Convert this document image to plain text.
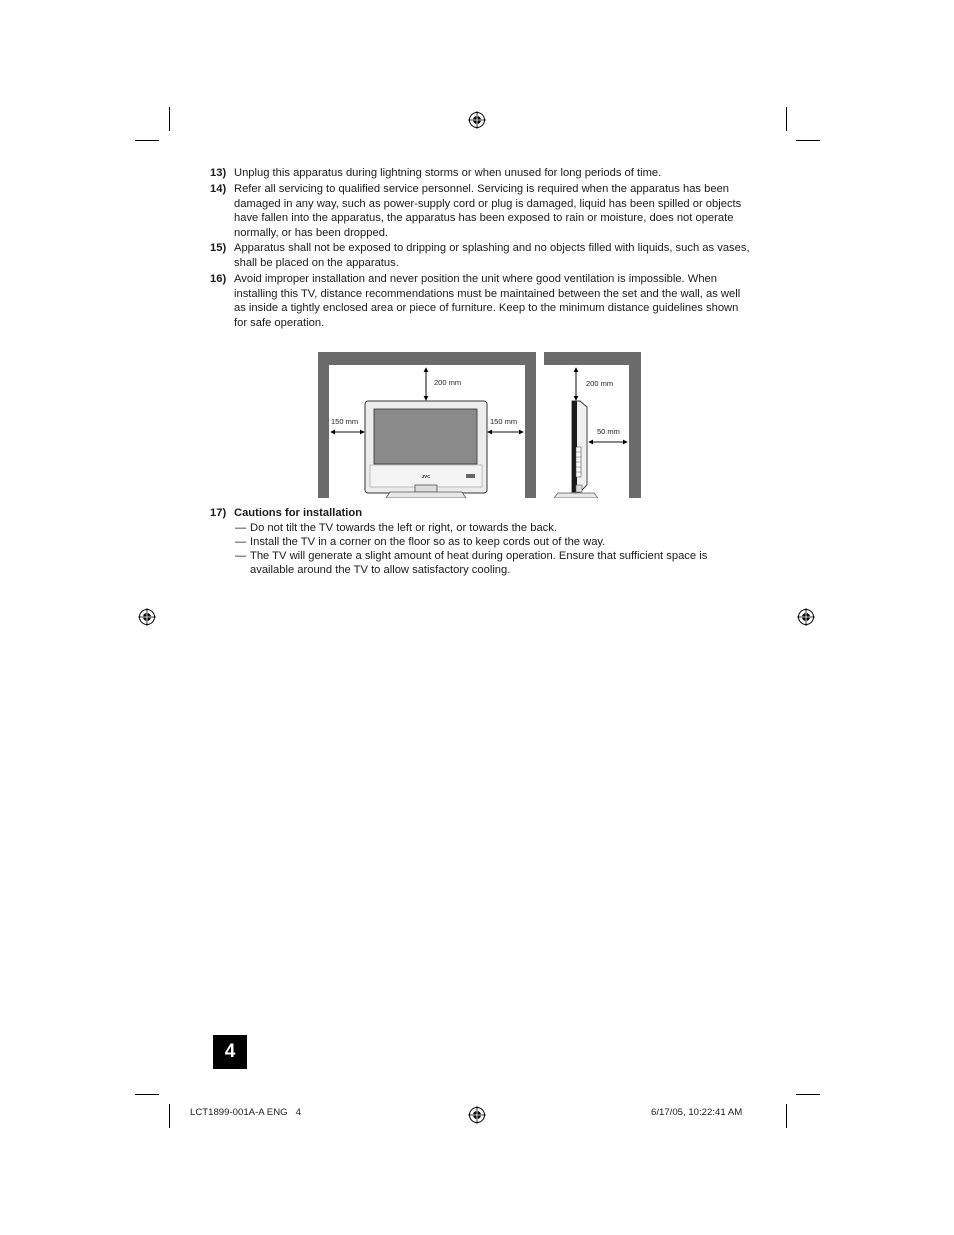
13) Unplug this apparatus during lightning storms or when unused for long periods of time.
14) Refer all servicing to qualified service personnel. Servicing is required when the apparatus has been damaged in any way, such as power-supply cord or plug is damaged, liquid has been spilled or objects have fallen into the apparatus, the apparatus has been exposed to rain or moisture, does not operate normally, or has been dropped.
15) Apparatus shall not be exposed to dripping or splashing and no objects filled with liquids, such as vases, shall be placed on the apparatus.
16) Avoid improper installation and never position the unit where good ventilation is impossible. When installing this TV, distance recommendations must be maintained between the set and the wall, as well as inside a tightly enclosed area or piece of furniture. Keep to the minimum distance guidelines shown for safe operation.
JVC
200 mm
150 mm	150 mm
200 mm
50 mm
17) Cautions for installation
— Do not tilt the TV towards the left or right, or towards the back.
— Install the TV in a corner on the floor so as to keep cords out of the way.
— The TV will generate a slight amount of heat during operation. Ensure that sufficient space is available around the TV to allow satisfactory cooling.
4
LCT1899-001A-A ENG   4	6/17/05, 10:22:41 AM
